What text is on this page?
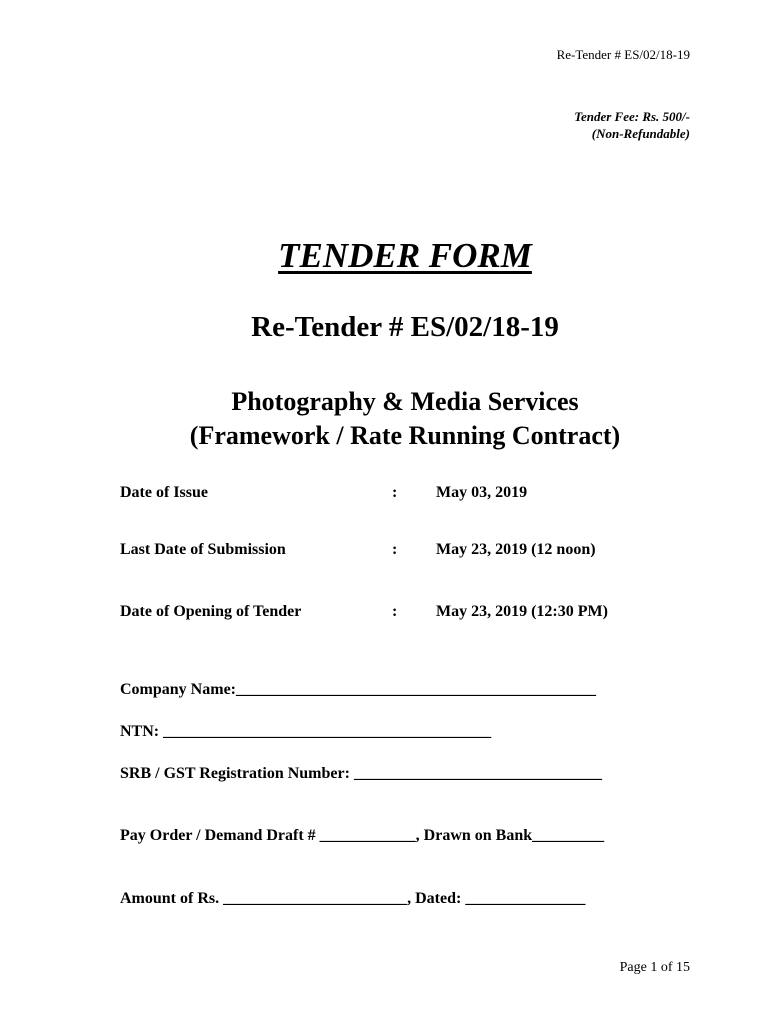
Re-Tender # ES/02/18-19
Tender Fee: Rs. 500/-
(Non-Refundable)
TENDER FORM
Re-Tender # ES/02/18-19
Photography & Media Services
(Framework / Rate Running Contract)
Date of Issue	: May 03, 2019
Last Date of Submission	: May 23, 2019 (12 noon)
Date of Opening of Tender	: May 23, 2019 (12:30 PM)
Company Name:_____________________________________________
NTN: _________________________________________
SRB / GST Registration Number: _______________________________
Pay Order / Demand Draft # ____________, Drawn on Bank_________
Amount of Rs. _______________________, Dated: _______________
Page 1 of 15
